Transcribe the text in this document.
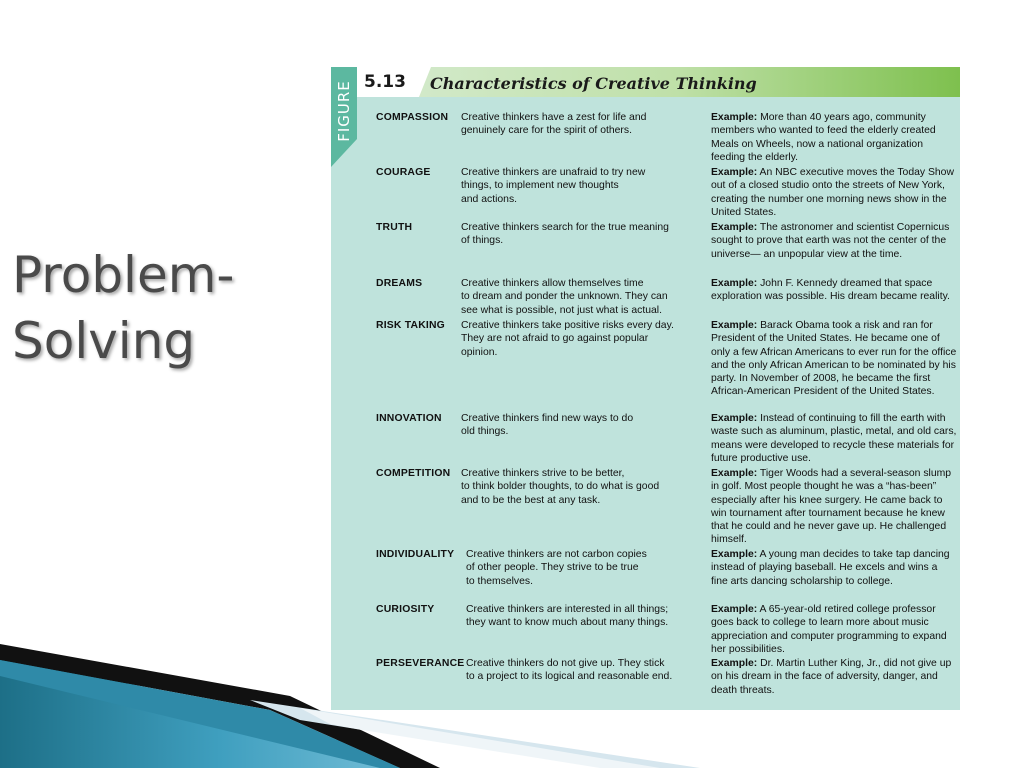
Problem-
Solving
FIGURE 5.13 Characteristics of Creative Thinking
COMPASSION Creative thinkers have a zest for life and
genuinely care for the spirit of others.
Example: More than 40 years ago, community members who wanted to feed the elderly created Meals on Wheels, now a national organization feeding the elderly.
COURAGE	Creative thinkers are unafraid to try new
things, to implement new thoughts
and actions.
Example: An NBC executive moves the Today Show out of a closed studio onto the streets of New York, creating the number one morning news show in the United States.
TRUTH	Creative thinkers search for the true meaning
of things.
Example: The astronomer and scientist Copernicus sought to prove that earth was not the center of the universe— an unpopular view at the time.
DREAMS	Creative thinkers allow themselves time
to dream and ponder the unknown. They can
see what is possible, not just what is actual.
Example: John F. Kennedy dreamed that space exploration was possible. His dream became reality.
RISK TAKING Creative thinkers take positive risks every day.
They are not afraid to go against popular
opinion.
Example: Barack Obama took a risk and ran for President of the United States. He became one of only a few African Americans to ever run for the office and the only African American to be nominated by his party. In November of 2008, he became the first African-American President of the United States.
INNOVATION Creative thinkers find new ways to do
old things.
Example: Instead of continuing to fill the earth with waste such as aluminum, plastic, metal, and old cars, means were developed to recycle these materials for future productive use.
COMPETITION Creative thinkers strive to be better,
to think bolder thoughts, to do what is good
and to be the best at any task.
Example: Tiger Woods had a several-season slump in golf. Most people thought he was a “has-been” especially after his knee surgery. He came back to win tournament after tournament because he knew that he could and he never gave up. He challenged himself.
INDIVIDUALITY Creative thinkers are not carbon copies
of other people. They strive to be true
to themselves.
Example: A young man decides to take tap dancing instead of playing baseball. He excels and wins a fine arts dancing scholarship to college.
CURIOSITY	Creative thinkers are interested in all things;
they want to know much about many things.
Example: A 65-year-old retired college professor goes back to college to learn more about music appreciation and computer programming to expand her possibilities.
PERSEVERANCE Creative thinkers do not give up. They stick
to a project to its logical and reasonable end.
Example: Dr. Martin Luther King, Jr., did not give up on his dream in the face of adversity, danger, and death threats.
